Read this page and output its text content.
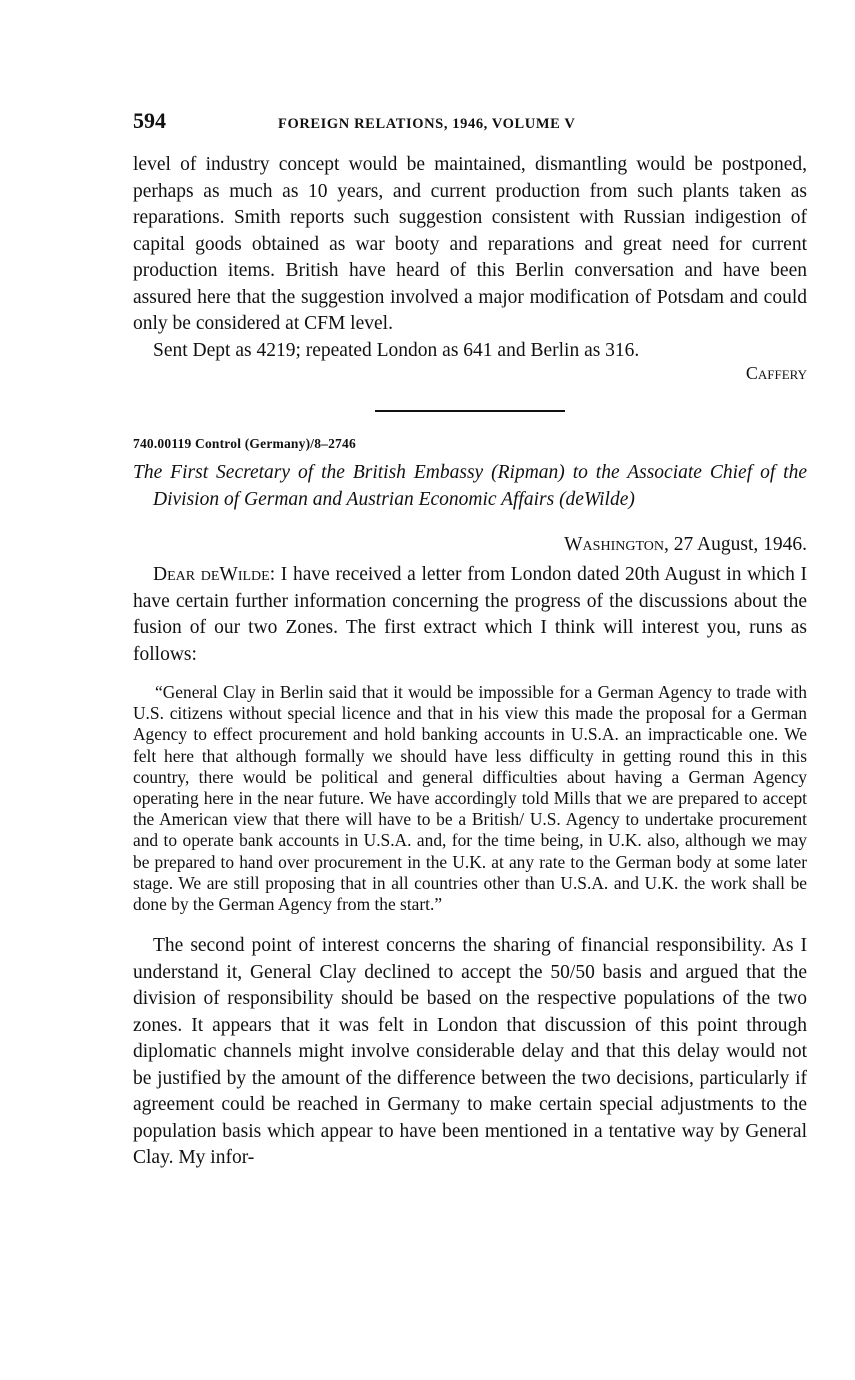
594	FOREIGN RELATIONS, 1946, VOLUME V

level of industry concept would be maintained, dismantling would be postponed, perhaps as much as 10 years, and current production from such plants taken as reparations. Smith reports such suggestion consistent with Russian indigestion of capital goods obtained as war booty and reparations and great need for current production items. British have heard of this Berlin conversation and have been assured here that the suggestion involved a major modification of Potsdam and could only be considered at CFM level.

Sent Dept as 4219; repeated London as 641 and Berlin as 316.

Caffery
740.00119 Control (Germany)/8–2746
The First Secretary of the British Embassy (Ripman) to the Associate Chief of the Division of German and Austrian Economic Affairs (deWilde)
Washington, 27 August, 1946.

Dear deWilde: I have received a letter from London dated 20th August in which I have certain further information concerning the progress of the discussions about the fusion of our two Zones. The first extract which I think will interest you, runs as follows:

“General Clay in Berlin said that it would be impossible for a German Agency to trade with U.S. citizens without special licence and that in his view this made the proposal for a German Agency to effect procurement and hold banking accounts in U.S.A. an impracticable one. We felt here that although formally we should have less difficulty in getting round this in this country, there would be political and general difficulties about having a German Agency operating here in the near future. We have accordingly told Mills that we are prepared to accept the American view that there will have to be a British/ U.S. Agency to undertake procurement and to operate bank accounts in U.S.A. and, for the time being, in U.K. also, although we may be prepared to hand over procurement in the U.K. at any rate to the German body at some later stage. We are still proposing that in all countries other than U.S.A. and U.K. the work shall be done by the German Agency from the start.”

The second point of interest concerns the sharing of financial responsibility. As I understand it, General Clay declined to accept the 50/50 basis and argued that the division of responsibility should be based on the respective populations of the two zones. It appears that it was felt in London that discussion of this point through diplomatic channels might involve considerable delay and that this delay would not be justified by the amount of the difference between the two decisions, particularly if agreement could be reached in Germany to make certain special adjustments to the population basis which appear to have been mentioned in a tentative way by General Clay. My infor-
